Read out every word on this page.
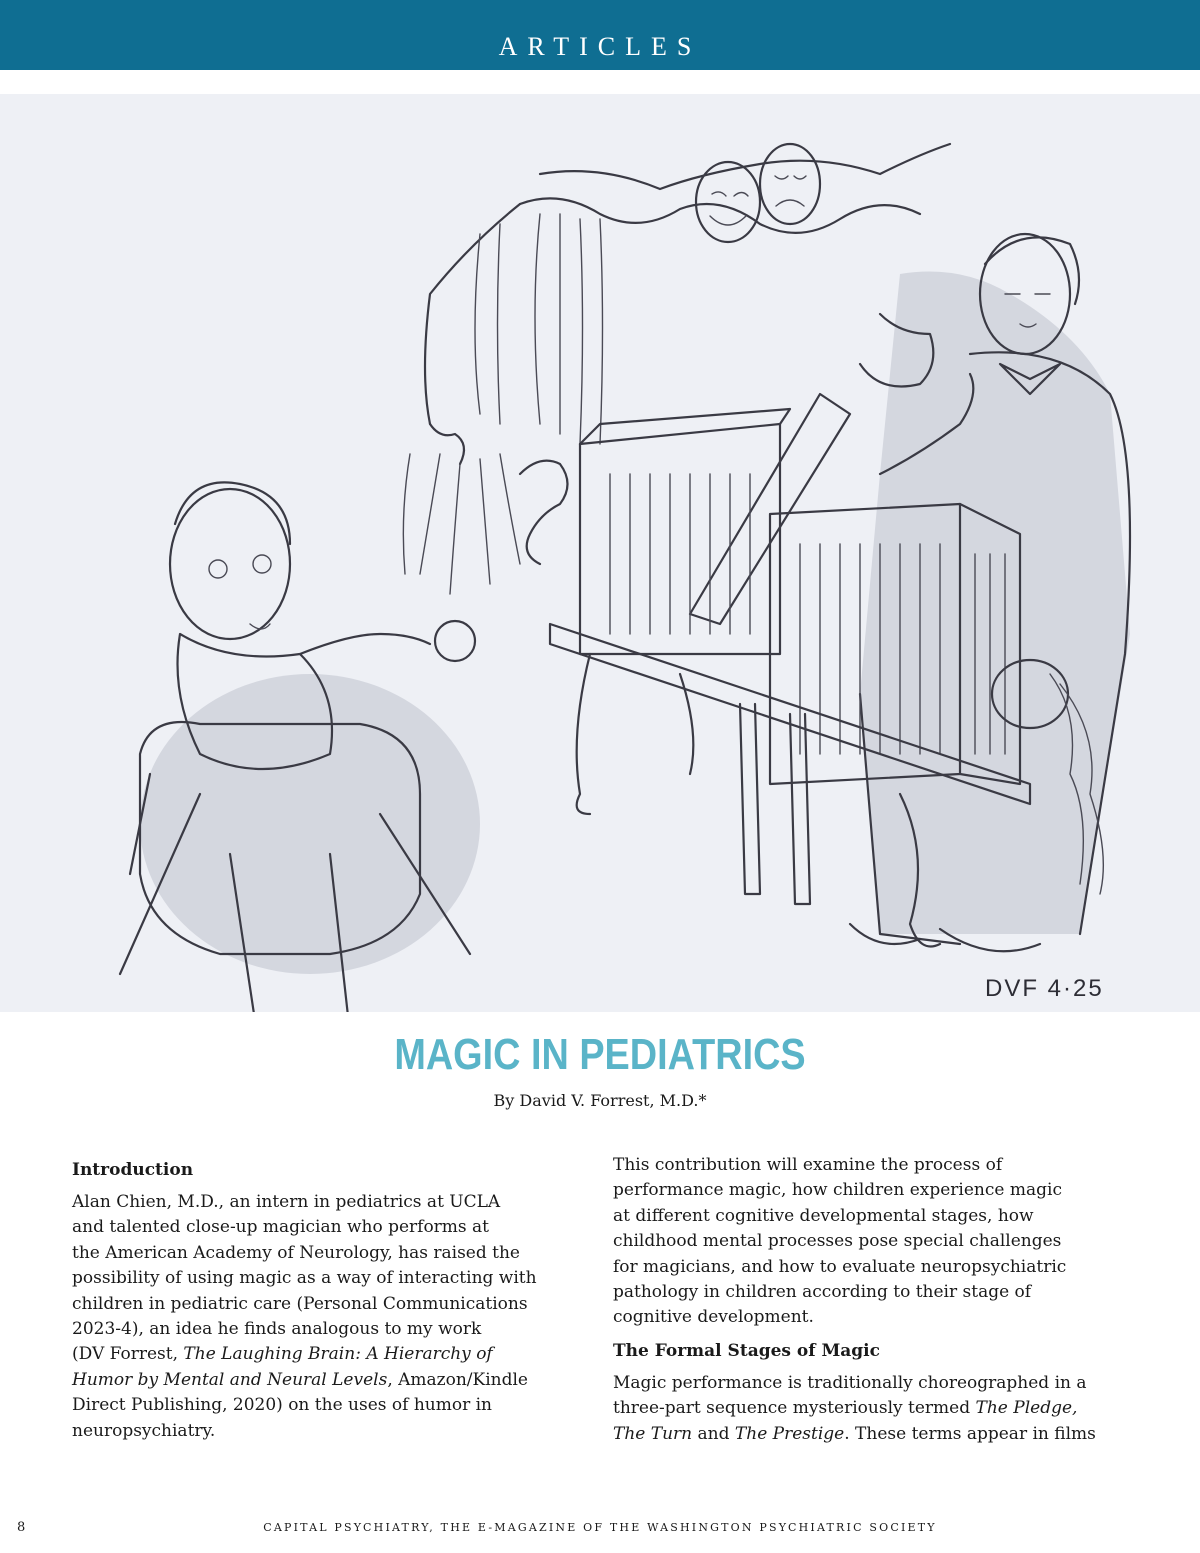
ARTICLES
DVF 4·25
MAGIC IN PEDIATRICS
By David V. Forrest, M.D.*
Introduction

Alan Chien, M.D., an intern in pediatrics at UCLA
and talented close-up magician who performs at
the American Academy of Neurology, has raised the
possibility of using magic as a way of interacting with
children in pediatric care (Personal Communications
2023-4), an idea he finds analogous to my work
(DV Forrest, The Laughing Brain: A Hierarchy of
Humor by Mental and Neural Levels, Amazon/Kindle
Direct Publishing, 2020) on the uses of humor in
neuropsychiatry.

This contribution will examine the process of
performance magic, how children experience magic
at different cognitive developmental stages, how
childhood mental processes pose special challenges
for magicians, and how to evaluate neuropsychiatric
pathology in children according to their stage of
cognitive development.

The Formal Stages of Magic

Magic performance is traditionally choreographed in a
three-part sequence mysteriously termed The Pledge,
The Turn and The Prestige. These terms appear in films

8	CAPITAL PSYCHIATRY, THE E-MAGAZINE OF THE WASHINGTON PSYCHIATRIC SOCIETY
